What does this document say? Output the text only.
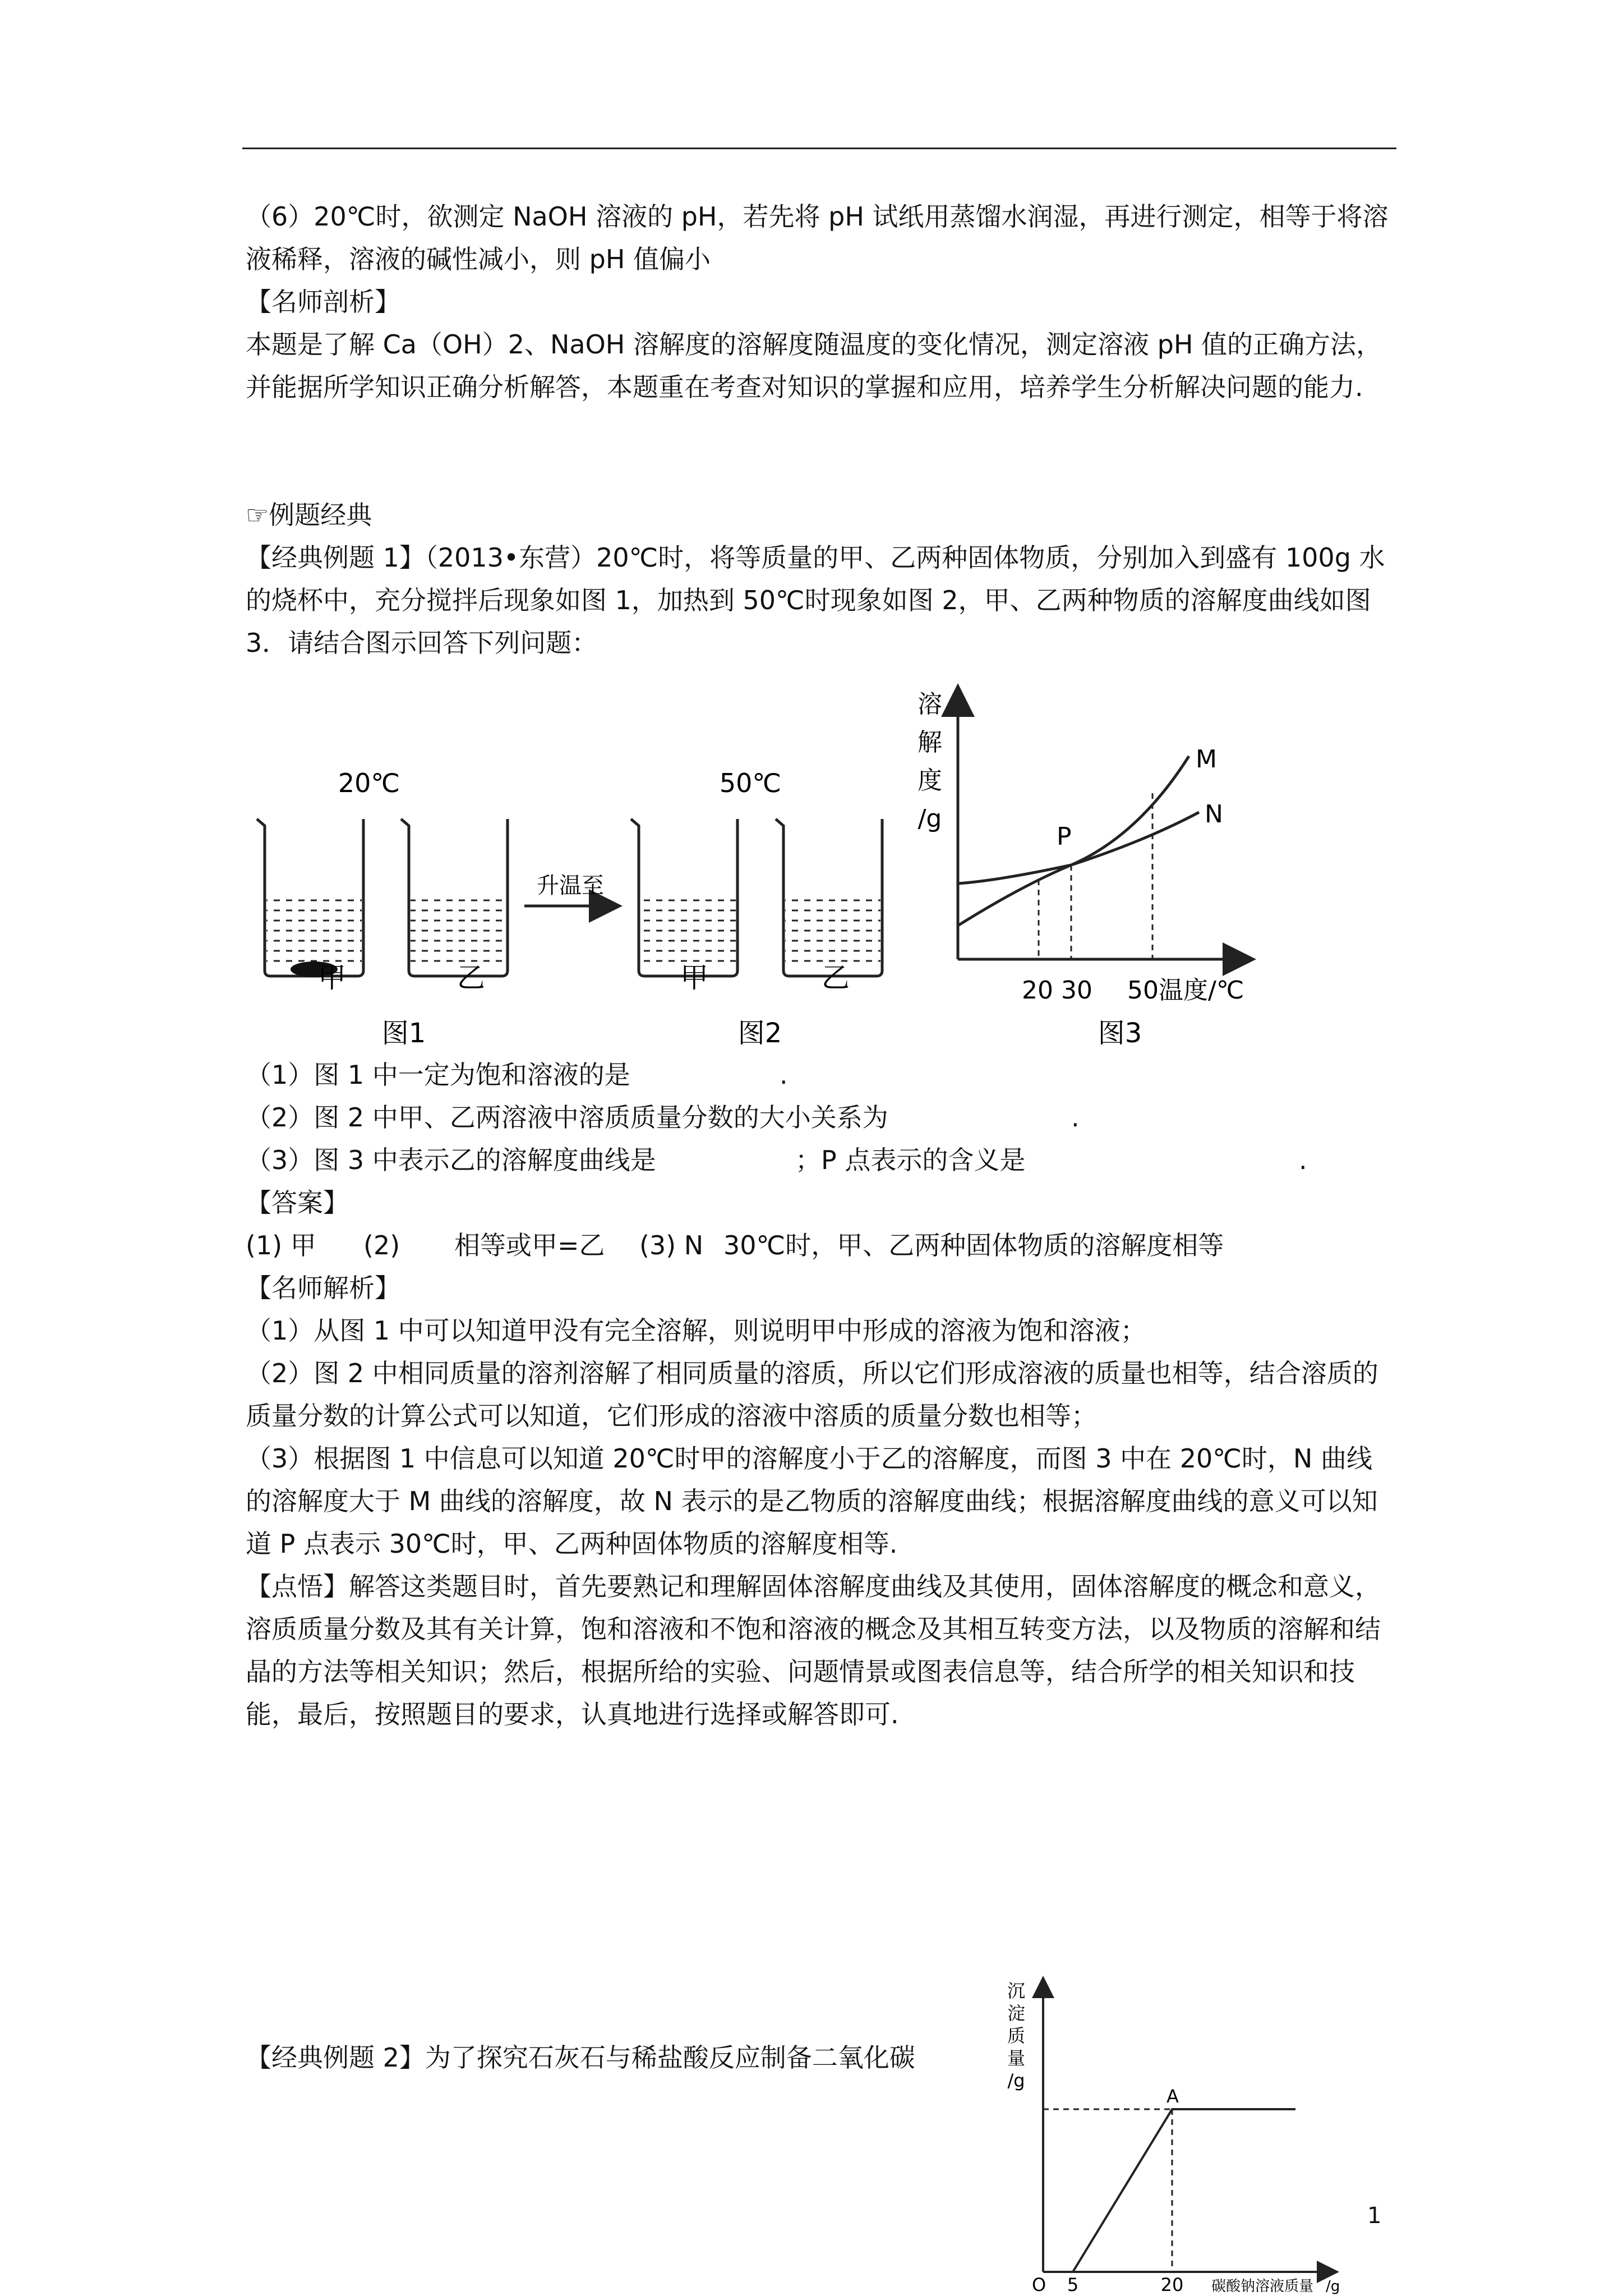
（6）20℃时，欲测定 NaOH 溶液的 pH，若先将 pH 试纸用蒸馏水润湿，再进行测定，相等于将溶液稀释，溶液的碱性减小，则 pH 值偏小

【名师剖析】

本题是了解 Ca（OH）2、NaOH 溶解度的溶解度随温度的变化情况，测定溶液 pH 值的正确方法，并能据所学知识正确分析解答，本题重在考查对知识的掌握和应用，培养学生分析解决问题的能力.

☞例题经典

【经典例题 1】（2013•东营）20℃时，将等质量的甲、乙两种固体物质，分别加入到盛有 100g 水的烧杯中，充分搅拌后现象如图 1，加热到 50℃时现象如图 2，甲、乙两种物质的溶解度曲线如图 3．请结合图示回答下列问题：

20℃	50℃
升温至
甲	乙	甲	乙
图1	图2	图3
溶
解
度
/g
M
N
P
20 30 50 温度/℃
（1）图 1 中一定为饱和溶液的是	.
（2）图 2 中甲、乙两溶液中溶质质量分数的大小关系为	.
（3）图 3 中表示乙的溶解度曲线是	；P 点表示的含义是	.
【答案】
(1) 甲 (2) 相等或甲=乙 (3) N 30℃时，甲、乙两种固体物质的溶解度相等
【名师解析】

（1）从图 1 中可以知道甲没有完全溶解，则说明甲中形成的溶液为饱和溶液；

（2）图 2 中相同质量的溶剂溶解了相同质量的溶质，所以它们形成溶液的质量也相等，结合溶质的质量分数的计算公式可以知道，它们形成的溶液中溶质的质量分数也相等；

（3）根据图 1 中信息可以知道 20℃时甲的溶解度小于乙的溶解度，而图 3 中在 20℃时，N 曲线的溶解度大于 M 曲线的溶解度，故 N 表示的是乙物质的溶解度曲线；根据溶解度曲线的意义可以知道 P 点表示 30℃时，甲、乙两种固体物质的溶解度相等.

【点悟】解答这类题目时，首先要熟记和理解固体溶解度曲线及其使用，固体溶解度的概念和意义，溶质质量分数及其有关计算，饱和溶液和不饱和溶液的概念及其相互转变方法，以及物质的溶解和结晶的方法等相关知识；然后，根据所给的实验、问题情景或图表信息等，结合所学的相关知识和技能，最后，按照题目的要求，认真地进行选择或解答即可.

【经典例题 2】为了探究石灰石与稀盐酸反应制备二氧化碳
沉
淀
质
量
/g
A
O 5	20 碳酸钠溶液质量 /g
1
